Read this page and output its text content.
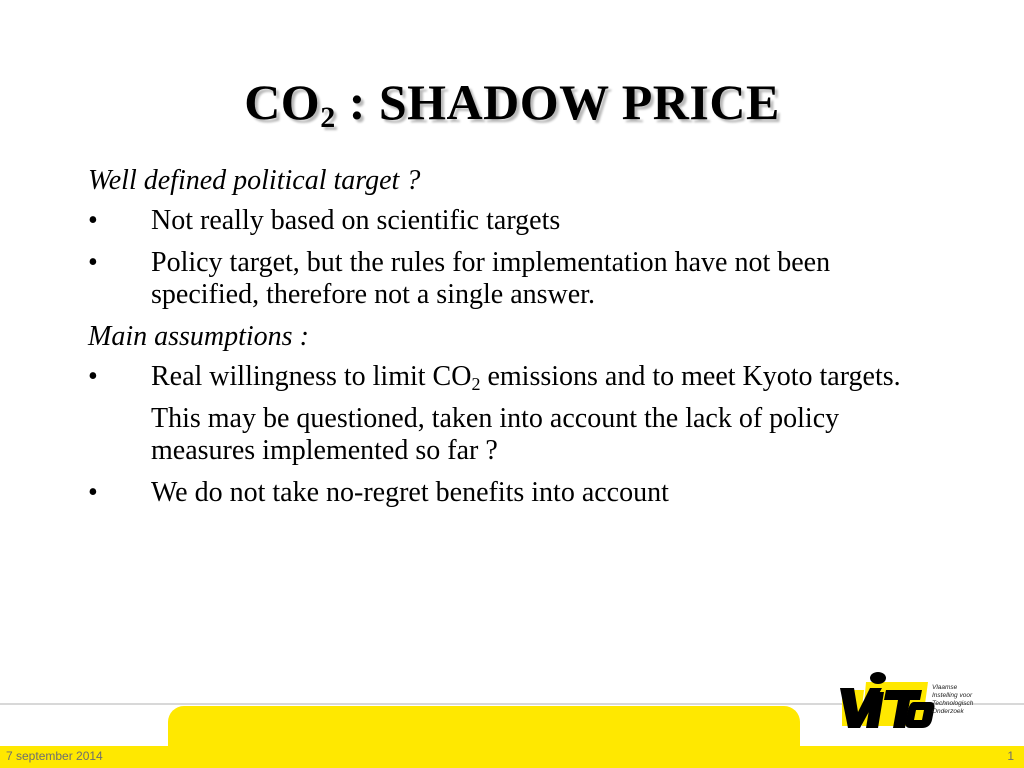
$CO_2$ : SHADOW PRICE
Well defined political target ?
•	Not really based on scientific targets
•	Policy target, but the rules for implementation have not been specified, therefore not a single answer.
Main assumptions :
•	Real willingness to limit $CO_2$ emissions and to meet Kyoto targets.
This may be questioned, taken into account the lack of policy measures implemented so far ?
•	We do not take no-regret benefits into account
Vlaamse
Instelling voor
Technologisch
Onderzoek
7 september 2014	1
